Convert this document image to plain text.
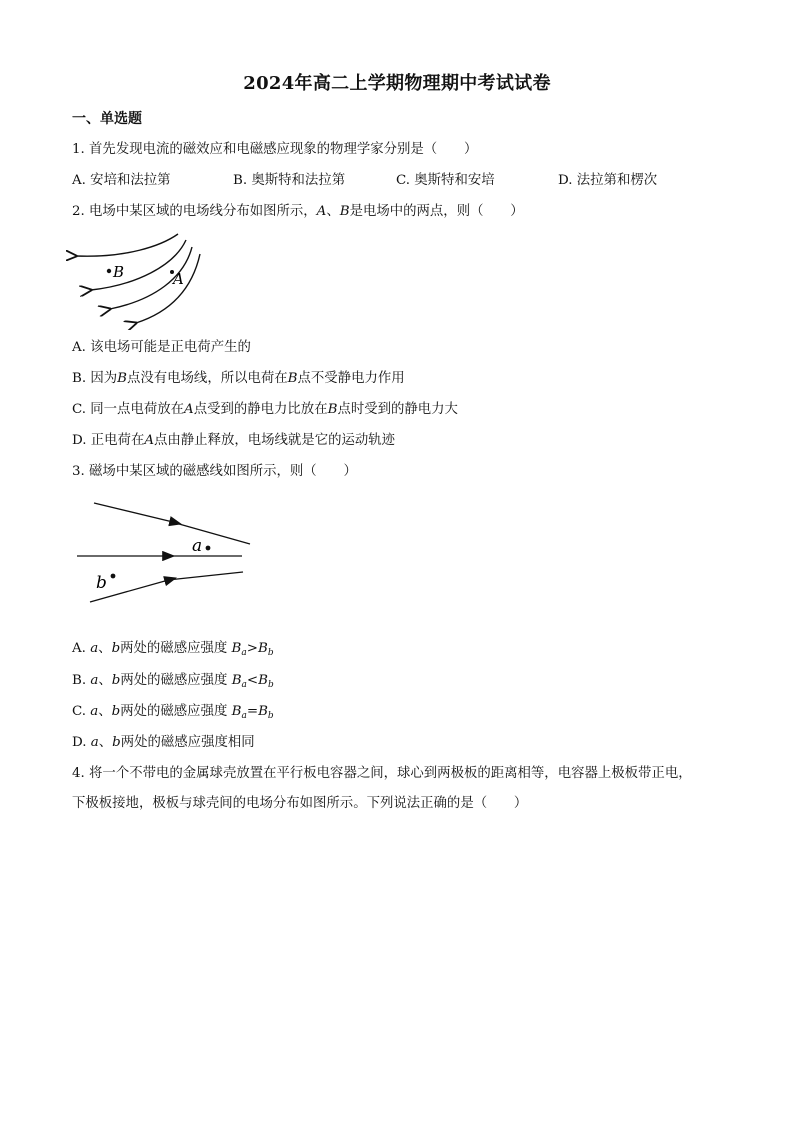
2024年高二上学期物理期中考试试卷
一、单选题
1. 首先发现电流的磁效应和电磁感应现象的物理学家分别是（　　）
A. 安培和法拉第	B. 奥斯特和法拉第	C. 奥斯特和安培	D. 法拉第和楞次
2. 电场中某区域的电场线分布如图所示，A、B是电场中的两点，则（　　）
B	A
A. 该电场可能是正电荷产生的
B. 因为B点没有电场线，所以电荷在B点不受静电力作用
C. 同一点电荷放在A点受到的静电力比放在B点时受到的静电力大
D. 正电荷在A点由静止释放，电场线就是它的运动轨迹
3. 磁场中某区域的磁感线如图所示，则（　　）
a
b
A. a、b两处的磁感应强度 $B_a>B_b$
B. a、b两处的磁感应强度 $B_a<B_b$
C. a、b两处的磁感应强度 $B_a=B_b$
D. a、b两处的磁感应强度相同
4. 将一个不带电的金属球壳放置在平行板电容器之间，球心到两极板的距离相等，电容器上极板带正电，
下极板接地，极板与球壳间的电场分布如图所示。下列说法正确的是（　　）
